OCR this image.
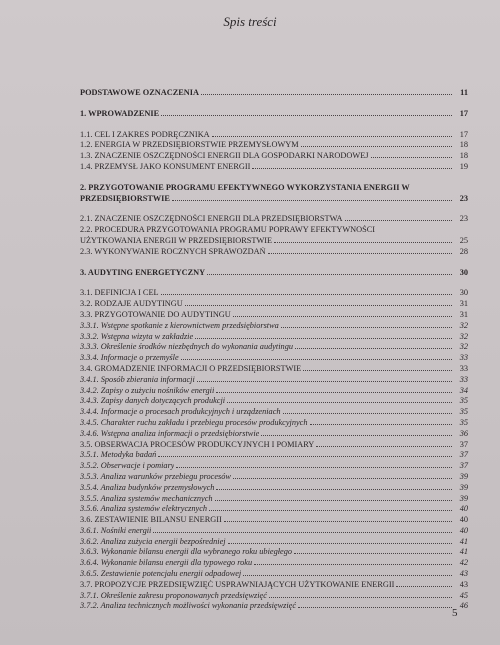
Spis treści
PODSTAWOWE OZNACZENIA	11
1. WPROWADZENIE	17
1.1. CEL I ZAKRES PODRĘCZNIKA	17
1.2. ENERGIA W PRZEDSIĘBIORSTWIE PRZEMYSŁOWYM	18
1.3. ZNACZENIE OSZCZĘDNOŚCI ENERGII DLA GOSPODARKI NARODOWEJ	18
1.4. PRZEMYSŁ JAKO KONSUMENT ENERGII	19
2. PRZYGOTOWANIE PROGRAMU EFEKTYWNEGO WYKORZYSTANIA ENERGII W
PRZEDSIĘBIORSTWIE	23
2.1. ZNACZENIE OSZCZĘDNOŚCI ENERGII DLA PRZEDSIĘBIORSTWA	23
2.2. PROCEDURA PRZYGOTOWANIA PROGRAMU POPRAWY EFEKTYWNOŚCI
UŻYTKOWANIA ENERGII W PRZEDSIĘBIORSTWIE	25
2.3. WYKONYWANIE ROCZNYCH SPRAWOZDAŃ	28
3. AUDYTING ENERGETYCZNY	30
3.1. DEFINICJA I CEL	30
3.2. RODZAJE AUDYTINGU	31
3.3. PRZYGOTOWANIE DO AUDYTINGU	31
3.3.1. Wstępne spotkanie z kierownictwem przedsiębiorstwa	32
3.3.2. Wstępna wizyta w zakładzie	32
3.3.3. Określenie środków niezbędnych do wykonania audytingu	32
3.3.4. Informacje o przemyśle	33
3.4. GROMADZENIE INFORMACJI O PRZEDSIĘBIORSTWIE	33
3.4.1. Sposób zbierania informacji	33
3.4.2. Zapisy o zużyciu nośników energii	34
3.4.3. Zapisy danych dotyczących produkcji	35
3.4.4. Informacje o procesach produkcyjnych i urządzeniach	35
3.4.5. Charakter ruchu zakładu i przebiegu procesów produkcyjnych	35
3.4.6. Wstępna analiza informacji o przedsiębiorstwie	36
3.5. OBSERWACJA PROCESÓW PRODUKCYJNYCH I POMIARY	37
3.5.1. Metodyka badań	37
3.5.2. Obserwacje i pomiary	37
3.5.3. Analiza warunków przebiegu procesów	39
3.5.4. Analiza budynków przemysłowych	39
3.5.5. Analiza systemów mechanicznych	39
3.5.6. Analiza systemów elektrycznych	40
3.6. ZESTAWIENIE BILANSU ENERGII	40
3.6.1. Nośniki energii	40
3.6.2. Analiza zużycia energii bezpośredniej	41
3.6.3. Wykonanie bilansu energii dla wybranego roku ubiegłego	41
3.6.4. Wykonanie bilansu energii dla typowego roku	42
3.6.5. Zestawienie potencjału energii odpadowej	43
3.7. PROPOZYCJE PRZEDSIĘWZIĘĆ USPRAWNIAJĄCYCH UŻYTKOWANIE ENERGII	43
3.7.1. Określenie zakresu proponowanych przedsięwzięć	45
3.7.2. Analiza technicznych możliwości wykonania przedsięwzięć	46
5
